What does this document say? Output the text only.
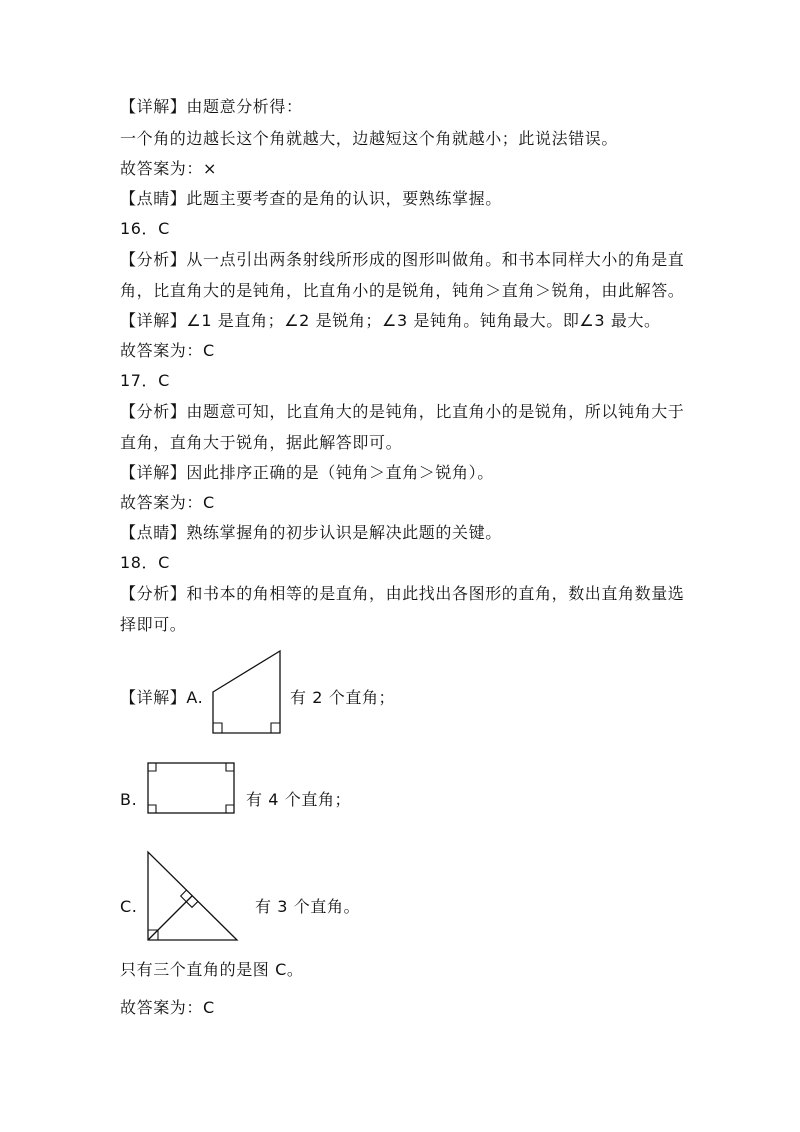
【详解】由题意分析得：
一个角的边越长这个角就越大，边越短这个角就越小；此说法错误。
故答案为：×
【点睛】此题主要考查的是角的认识，要熟练掌握。
16．C
【分析】从一点引出两条射线所形成的图形叫做角。和书本同样大小的角是直
角，比直角大的是钝角，比直角小的是锐角，钝角＞直角＞锐角，由此解答。
【详解】∠1 是直角；∠2 是锐角；∠3 是钝角。钝角最大。即∠3 最大。
故答案为：C
17．C
【分析】由题意可知，比直角大的是钝角，比直角小的是锐角，所以钝角大于
直角，直角大于锐角，据此解答即可。
【详解】因此排序正确的是（钝角＞直角＞锐角）。
故答案为：C
【点睛】熟练掌握角的初步认识是解决此题的关键。
18．C
【分析】和书本的角相等的是直角，由此找出各图形的直角，数出直角数量选
择即可。
【详解】A.	有 2 个直角；
B.	有 4 个直角；
C.	有 3 个直角。
只有三个直角的是图 C。
故答案为：C
